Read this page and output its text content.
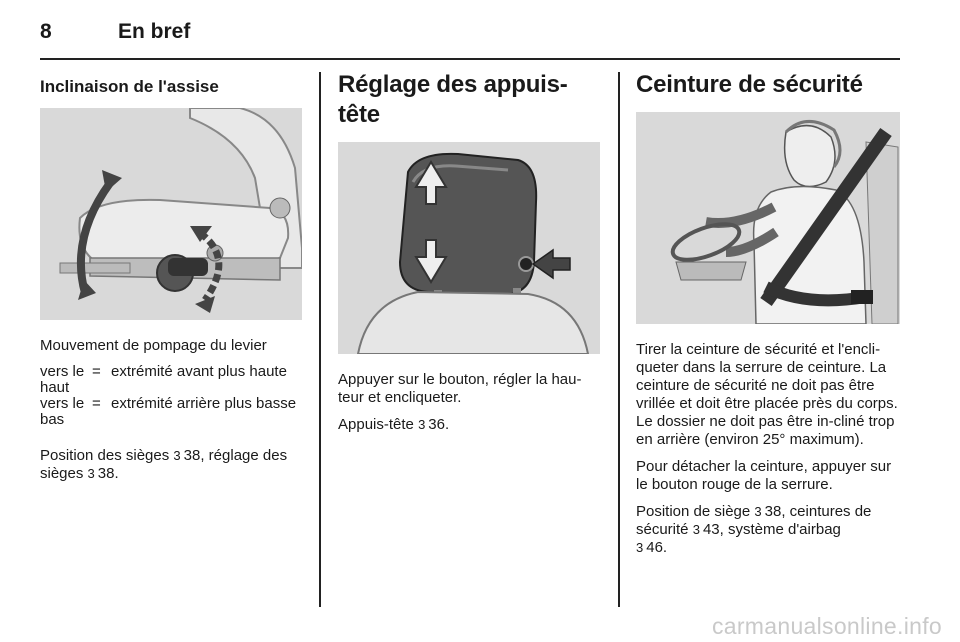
8	En bref
Inclinaison de l'assise

Mouvement de pompage du levier

vers le haut	=	extrémité avant plus haute
vers le bas	=	extrémité arrière plus basse

Position des sièges 3 38, réglage des sièges 3 38.

Réglage des appuis-tête

Appuyer sur le bouton, régler la hau-teur et encliqueter.

Appuis-tête 3 36.

Ceinture de sécurité

Tirer la ceinture de sécurité et l'encli-queter dans la serrure de ceinture. La ceinture de sécurité ne doit pas être vrillée et doit être placée près du corps. Le dossier ne doit pas être in-cliné trop en arrière (environ 25° maximum).

Pour détacher la ceinture, appuyer sur le bouton rouge de la serrure.

Position de siège 3 38, ceintures de sécurité 3 43, système d'airbag
3 46.

carmanualsonline.info
